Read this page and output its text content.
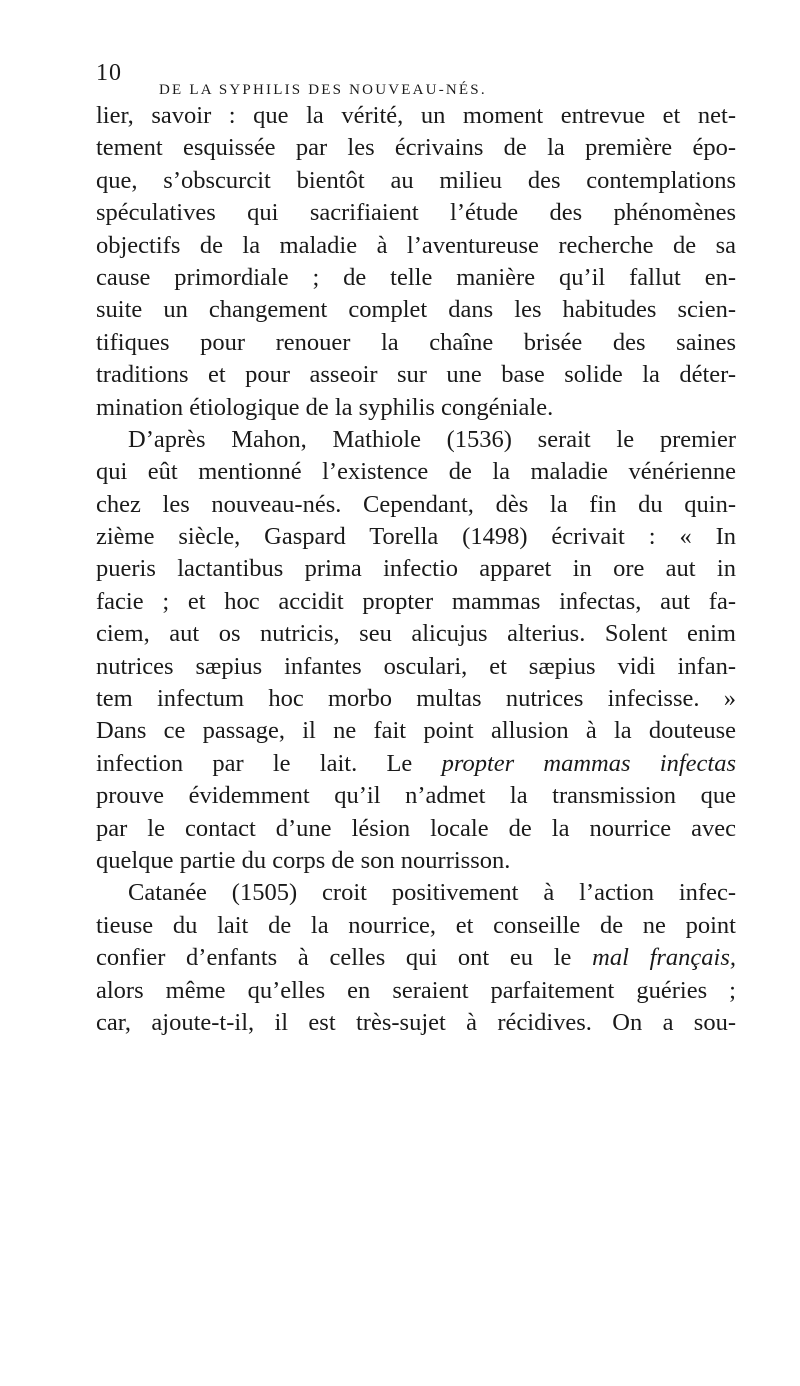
10
DE LA SYPHILIS DES NOUVEAU-NÉS.
lier, savoir : que la vérité, un moment entrevue et net-
tement esquissée par les écrivains de la première épo-
que, s’obscurcit bientôt au milieu des contemplations
spéculatives qui sacrifiaient l’étude des phénomènes
objectifs de la maladie à l’aventureuse recherche de sa
cause primordiale ; de telle manière qu’il fallut en-
suite un changement complet dans les habitudes scien-
tifiques pour renouer la chaîne brisée des saines
traditions et pour asseoir sur une base solide la déter-
mination étiologique de la syphilis congéniale.
D’après Mahon, Mathiole (1536) serait le premier
qui eût mentionné l’existence de la maladie vénérienne
chez les nouveau-nés. Cependant, dès la fin du quin-
zième siècle, Gaspard Torella (1498) écrivait : « In
pueris lactantibus prima infectio apparet in ore aut in
facie ; et hoc accidit propter mammas infectas, aut fa-
ciem, aut os nutricis, seu alicujus alterius. Solent enim
nutrices sæpius infantes osculari, et sæpius vidi infan-
tem infectum hoc morbo multas nutrices infecisse. »
Dans ce passage, il ne fait point allusion à la douteuse
infection par le lait. Le propter mammas infectas
prouve évidemment qu’il n’admet la transmission que
par le contact d’une lésion locale de la nourrice avec
quelque partie du corps de son nourrisson.
Catanée (1505) croit positivement à l’action infec-
tieuse du lait de la nourrice, et conseille de ne point
confier d’enfants à celles qui ont eu le mal français,
alors même qu’elles en seraient parfaitement guéries ;
car, ajoute-t-il, il est très-sujet à récidives. On a sou-
